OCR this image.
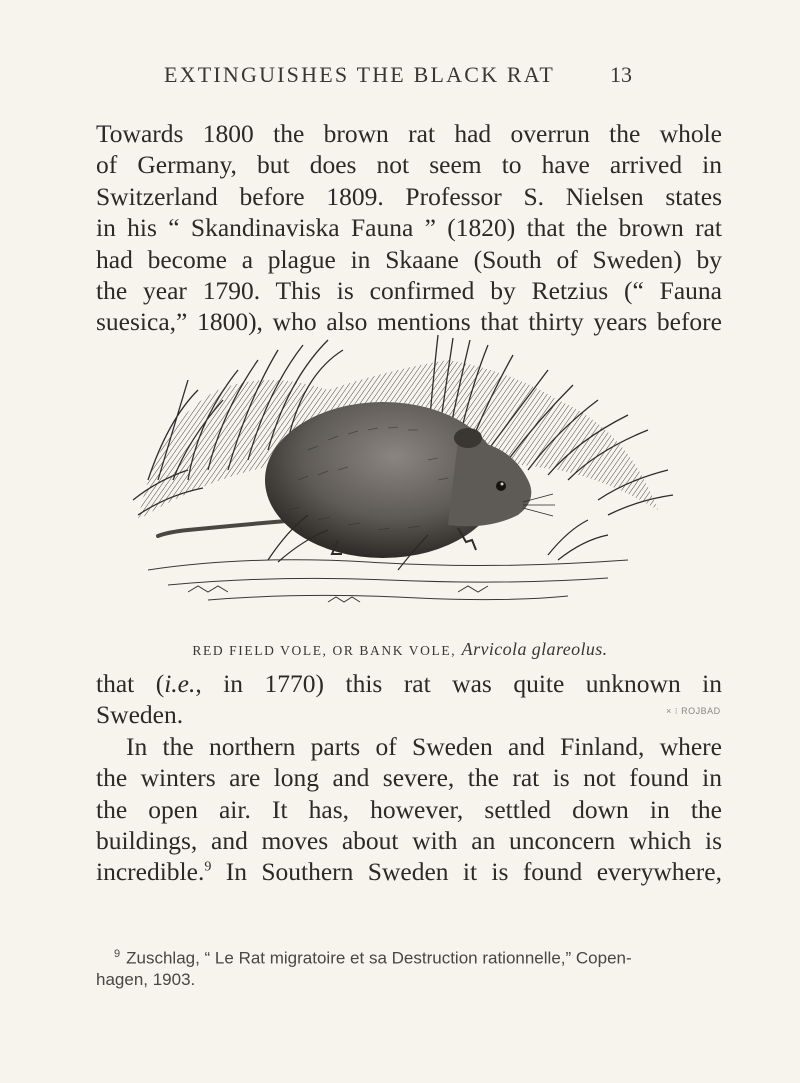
EXTINGUISHES THE BLACK RAT 13
Towards 1800 the brown rat had overrun the whole
of Germany, but does not seem to have arrived in
Switzerland before 1809. Professor S. Nielsen states
in his “ Skandinaviska Fauna ” (1820) that the brown rat
had become a plague in Skaane (South of Sweden) by
the year 1790. This is confirmed by Retzius (“ Fauna
suesica,” 1800), who also mentions that thirty years before
RED FIELD VOLE, OR BANK VOLE, Arvicola glareolus.
that (i.e., in 1770) this rat was quite unknown in
Sweden.
In the northern parts of Sweden and Finland, where
the winters are long and severe, the rat is not found in
the open air. It has, however, settled down in the
buildings, and moves about with an unconcern which is
incredible.$^9$ In Southern Sweden it is found everywhere,
× ⁝ ROJBAD
$^9$ Zuschlag, “ Le Rat migratoire et sa Destruction rationnelle,” Copen-
hagen, 1903.
